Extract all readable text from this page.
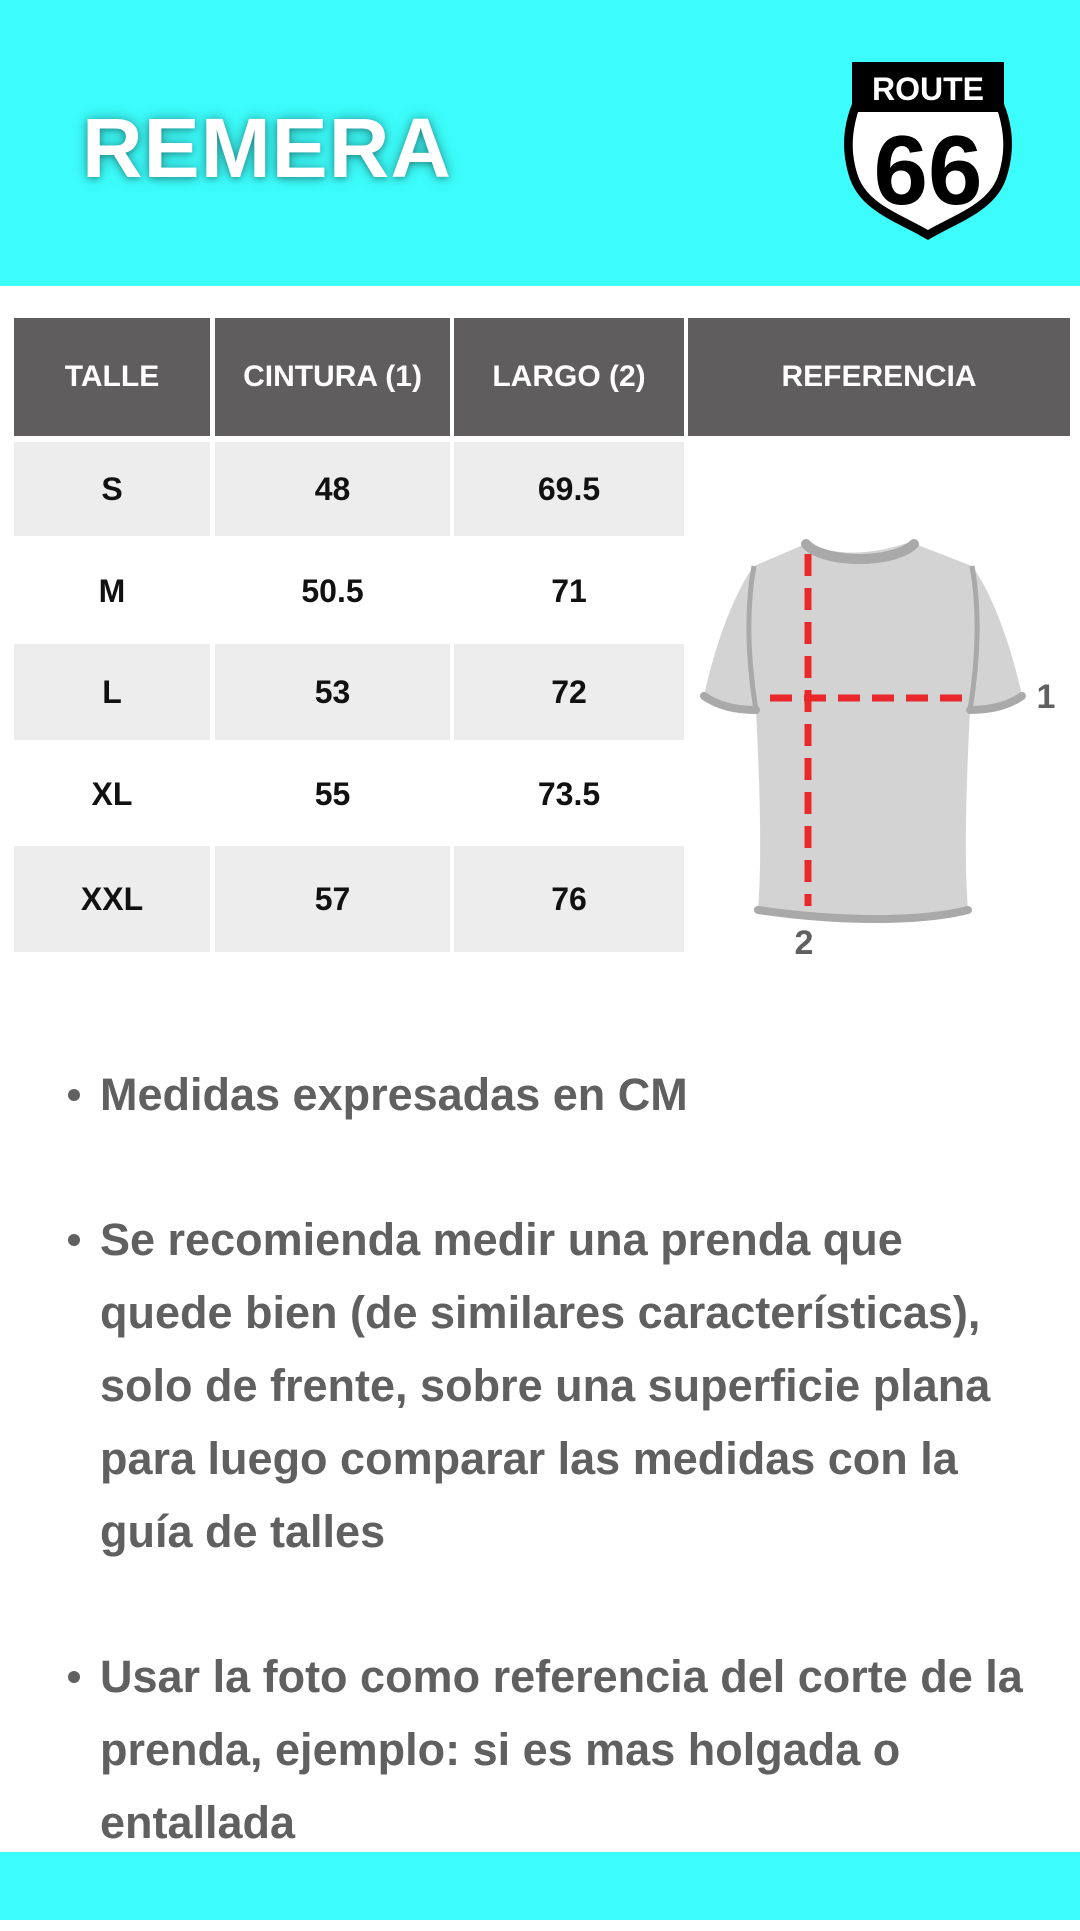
REMERA
ROUTE
66
TALLE	CINTURA (1)	LARGO (2)	REFERENCIA
S	48	69.5
M	50.5	71
L	53	72
XL	55	73.5
XXL	57	76
1
2
Medidas expresadas en CM
Se recomienda medir una prenda que quede bien (de similares características), solo de frente, sobre una superficie plana para luego comparar las medidas con la guía de talles
Usar la foto como referencia del corte de la prenda, ejemplo: si es mas holgada o entallada
